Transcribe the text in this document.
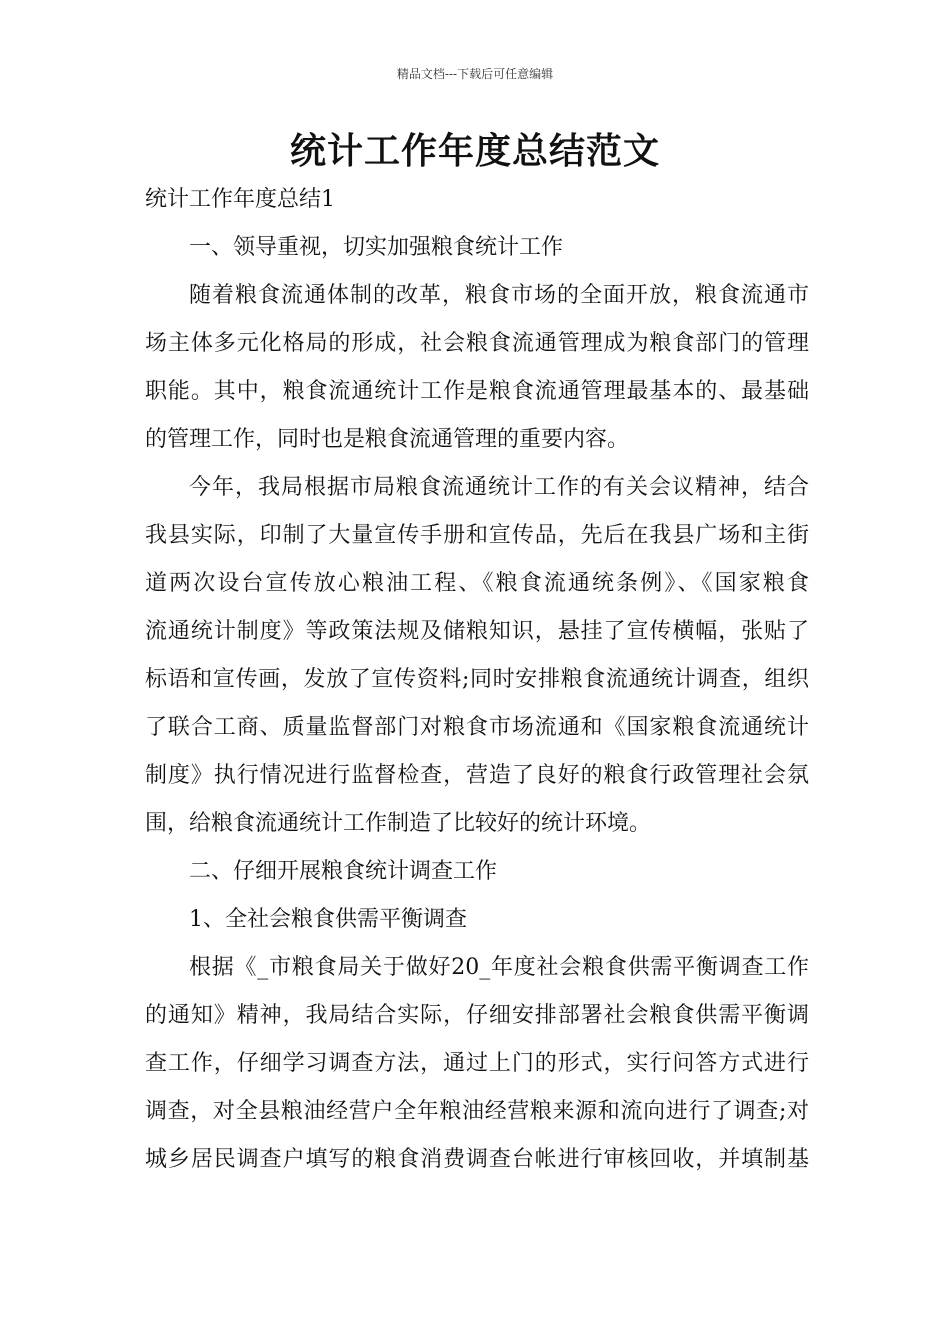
精品文档---下载后可任意编辑
统计工作年度总结范文

统计工作年度总结1

一、领导重视，切实加强粮食统计工作

随着粮食流通体制的改革，粮食市场的全面开放，粮食流通市

场主体多元化格局的形成，社会粮食流通管理成为粮食部门的管理

职能。其中，粮食流通统计工作是粮食流通管理最基本的、最基础

的管理工作，同时也是粮食流通管理的重要内容。

今年，我局根据市局粮食流通统计工作的有关会议精神，结合

我县实际，印制了大量宣传手册和宣传品，先后在我县广场和主街

道两次设台宣传放心粮油工程、《粮食流通统条例》、《国家粮食

流通统计制度》等政策法规及储粮知识，悬挂了宣传横幅，张贴了

标语和宣传画，发放了宣传资料;同时安排粮食流通统计调查，组织

了联合工商、质量监督部门对粮食市场流通和《国家粮食流通统计

制度》执行情况进行监督检查，营造了良好的粮食行政管理社会氛

围，给粮食流通统计工作制造了比较好的统计环境。

二、仔细开展粮食统计调查工作

1、全社会粮食供需平衡调查

根据《_市粮食局关于做好20_年度社会粮食供需平衡调查工作

的通知》精神，我局结合实际，仔细安排部署社会粮食供需平衡调

查工作，仔细学习调查方法，通过上门的形式，实行问答方式进行

调查，对全县粮油经营户全年粮油经营粮来源和流向进行了调查;对

城乡居民调查户填写的粮食消费调查台帐进行审核回收，并填制基
